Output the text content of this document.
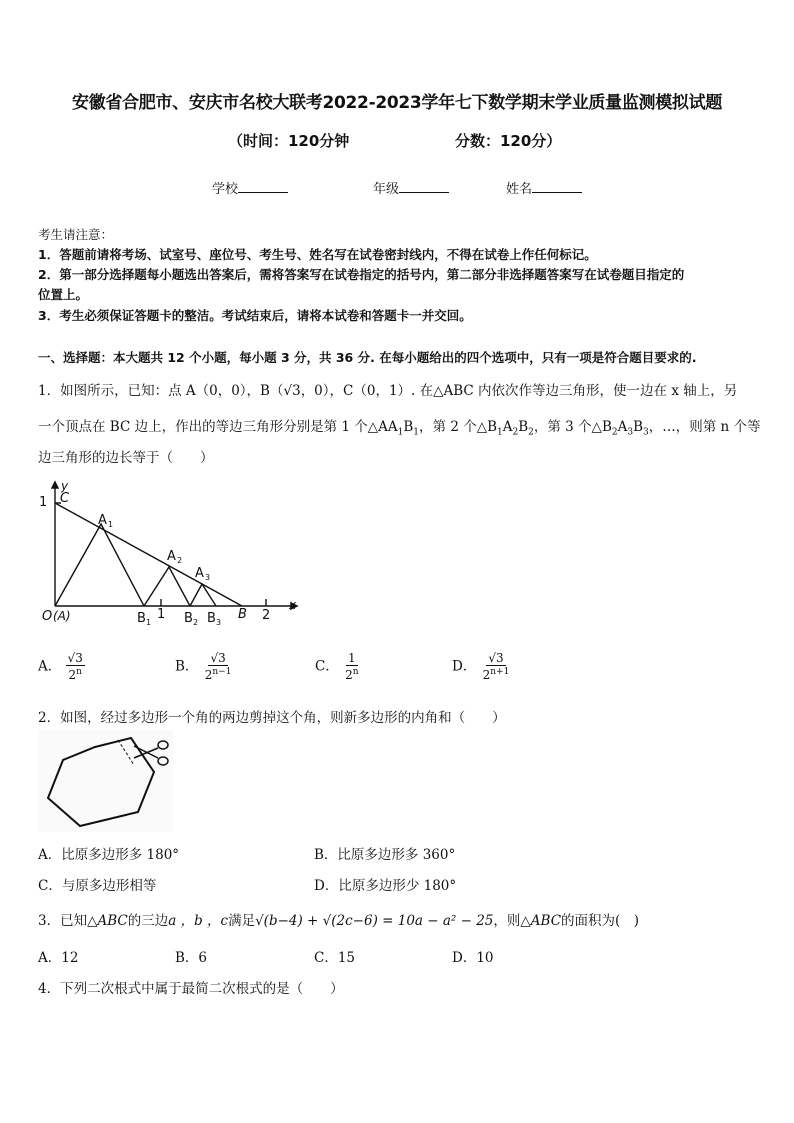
安徽省合肥市、安庆市名校大联考2022-2023学年七下数学期末学业质量监测模拟试题
（时间：120分钟	分数：120分）
学校	年级	姓名
考生请注意：
1．答题前请将考场、试室号、座位号、考生号、姓名写在试卷密封线内，不得在试卷上作任何标记。
2．第一部分选择题每小题选出答案后，需将答案写在试卷指定的括号内，第二部分非选择题答案写在试卷题目指定的
位置上。
3．考生必须保证答题卡的整洁。考试结束后，请将本试卷和答题卡一并交回。
一、选择题：本大题共 12 个小题，每小题 3 分，共 36 分. 在每小题给出的四个选项中，只有一项是符合题目要求的.
1．如图所示，已知：点 A（0，0），B（√3，0），C（0，1）. 在△ABC 内依次作等边三角形，使一边在 x 轴上，另
一个顶点在 BC 边上，作出的等边三角形分别是第 1 个$\triangle AA_1B_1$，第 2 个$\triangle B_1A_2B_2$，第 3 个$\triangle B_2A_3B_3$，…，则第 n 个等
边三角形的边长等于（　　）
y
C
1
A 1
A 2
A 3
O (A)	B 1
1 B 2 B 3
B 2
x
A． $\frac{√3}{2^n}$	B． $\frac{√3}{2^{n-1}}$	C． $\frac{1}{2^n}$	D． $\frac{√3}{2^{n+1}}$
2．如图，经过多边形一个角的两边剪掉这个角，则新多边形的内角和（　　）
A．比原多边形多 180°	B．比原多边形多 360°
C．与原多边形相等	D．比原多边形少 180°
3．已知△ABC的三边a ，b ，c满足√(b−4) + √(2c−6) = 10a − a² − 25，则△ABC的面积为(　)
A．12	B．6	C．15	D．10
4．下列二次根式中属于最简二次根式的是（　　）
